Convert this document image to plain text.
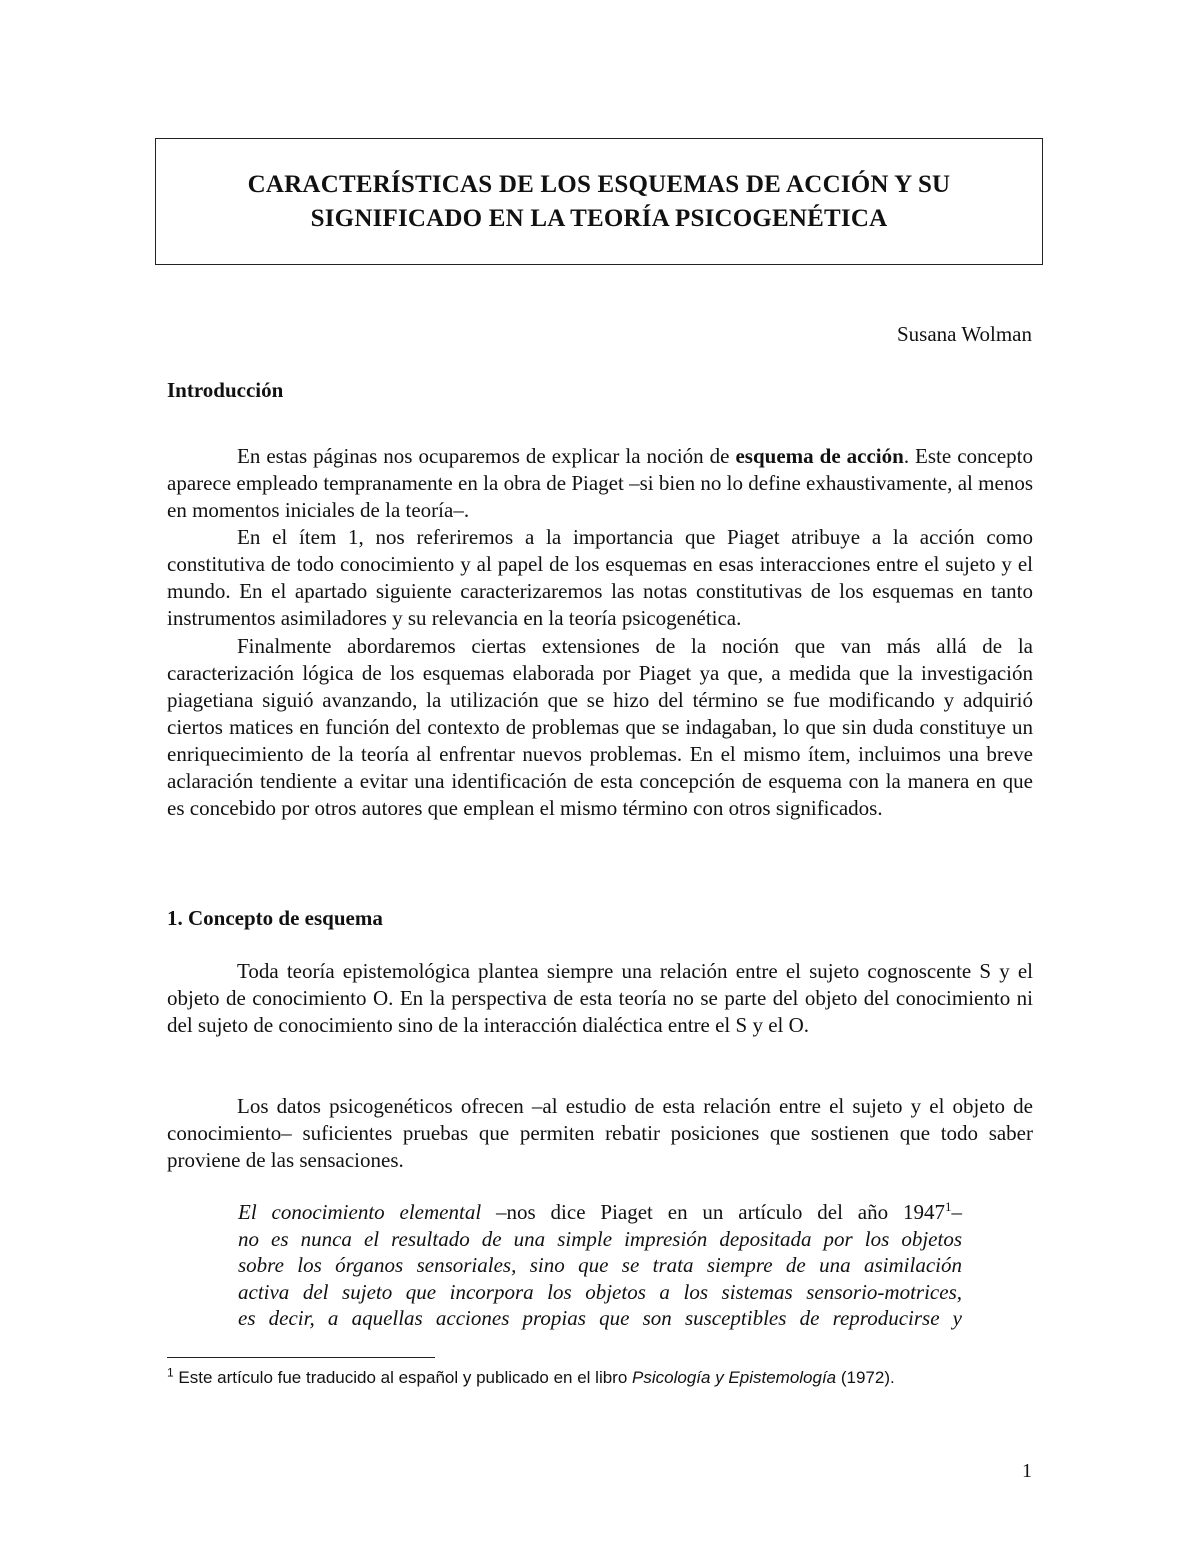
CARACTERÍSTICAS DE LOS ESQUEMAS DE ACCIÓN Y SU
SIGNIFICADO EN LA TEORÍA PSICOGENÉTICA
Susana Wolman
Introducción
En estas páginas nos ocuparemos de explicar la noción de esquema de acción. Este concepto aparece empleado tempranamente en la obra de Piaget –si bien no lo define exhaustivamente, al menos en momentos iniciales de la teoría–.
En el ítem 1, nos referiremos a la importancia que Piaget atribuye a la acción como constitutiva de todo conocimiento y al papel de los esquemas en esas interacciones entre el sujeto y el mundo. En el apartado siguiente caracterizaremos las notas constitutivas de los esquemas en tanto instrumentos asimiladores y su relevancia en la teoría psicogenética.
Finalmente abordaremos ciertas extensiones de la noción que van más allá de la caracterización lógica de los esquemas elaborada por Piaget ya que, a medida que la investigación piagetiana siguió avanzando, la utilización que se hizo del término se fue modificando y adquirió ciertos matices en función del contexto de problemas que se indagaban, lo que sin duda constituye un enriquecimiento de la teoría al enfrentar nuevos problemas. En el mismo ítem, incluimos una breve aclaración tendiente a evitar una identificación de esta concepción de esquema con la manera en que es concebido por otros autores que emplean el mismo término con otros significados.
1. Concepto de esquema
Toda teoría epistemológica plantea siempre una relación entre el sujeto cognoscente S y el objeto de conocimiento O. En la perspectiva de esta teoría no se parte del objeto del conocimiento ni del sujeto de conocimiento sino de la interacción dialéctica entre el S y el O.
Los datos psicogenéticos ofrecen –al estudio de esta relación entre el sujeto y el objeto de conocimiento– suficientes pruebas que permiten rebatir posiciones que sostienen que todo saber proviene de las sensaciones.
El conocimiento elemental –nos dice Piaget en un artículo del año 1947$^1$–
no es nunca el resultado de una simple impresión depositada por los objetos
sobre los órganos sensoriales, sino que se trata siempre de una asimilación
activa del sujeto que incorpora los objetos a los sistemas sensorio-motrices,
es decir, a aquellas acciones propias que son susceptibles de reproducirse y
$^1$ Este artículo fue traducido al español y publicado en el libro Psicología y Epistemología (1972).
1
